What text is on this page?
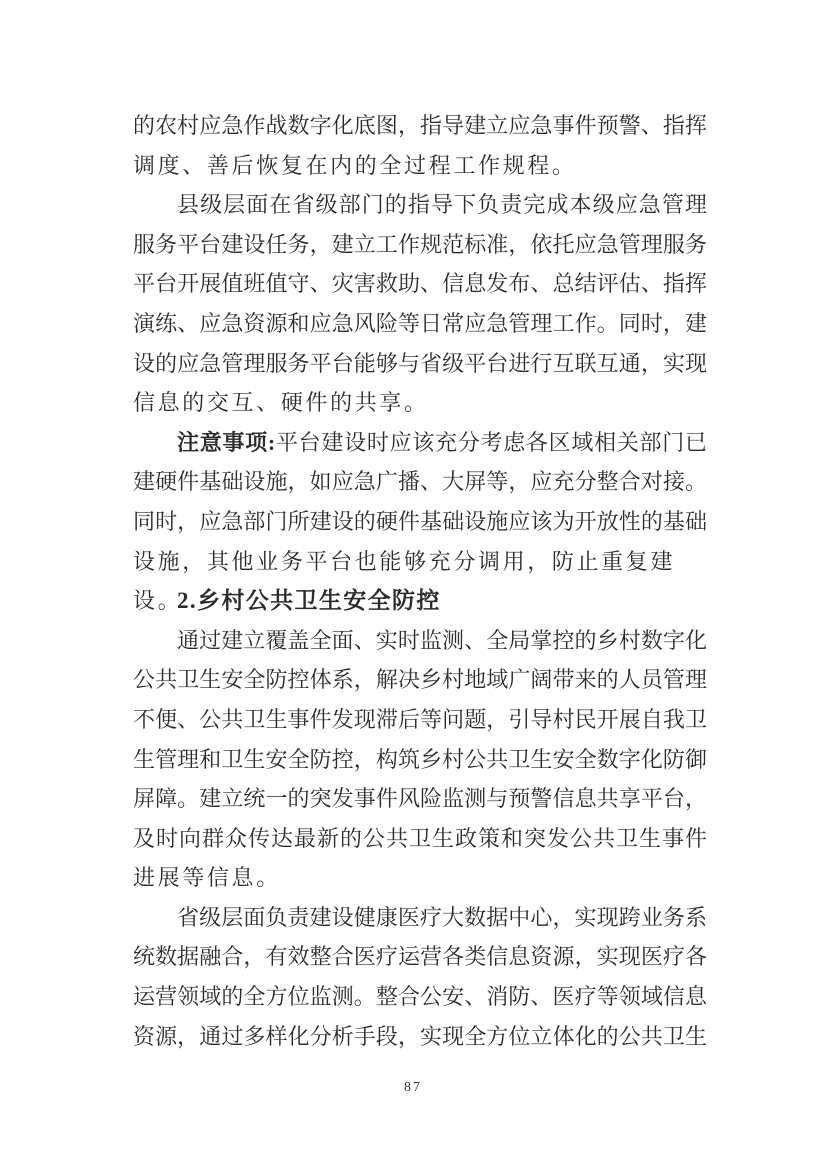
的农村应急作战数字化底图，指导建立应急事件预警、指挥
调度、善后恢复在内的全过程工作规程。
县级层面在省级部门的指导下负责完成本级应急管理
服务平台建设任务，建立工作规范标准，依托应急管理服务
平台开展值班值守、灾害救助、信息发布、总结评估、指挥
演练、应急资源和应急风险等日常应急管理工作。同时，建
设的应急管理服务平台能够与省级平台进行互联互通，实现
信息的交互、硬件的共享。
注意事项:平台建设时应该充分考虑各区域相关部门已
建硬件基础设施，如应急广播、大屏等，应充分整合对接。
同时，应急部门所建设的硬件基础设施应该为开放性的基础
设施，其他业务平台也能够充分调用，防止重复建设。
2.乡村公共卫生安全防控
通过建立覆盖全面、实时监测、全局掌控的乡村数字化
公共卫生安全防控体系，解决乡村地域广阔带来的人员管理
不便、公共卫生事件发现滞后等问题，引导村民开展自我卫
生管理和卫生安全防控，构筑乡村公共卫生安全数字化防御
屏障。建立统一的突发事件风险监测与预警信息共享平台，
及时向群众传达最新的公共卫生政策和突发公共卫生事件
进展等信息。
省级层面负责建设健康医疗大数据中心，实现跨业务系
统数据融合，有效整合医疗运营各类信息资源，实现医疗各
运营领域的全方位监测。整合公安、消防、医疗等领域信息
资源，通过多样化分析手段，实现全方位立体化的公共卫生
87
